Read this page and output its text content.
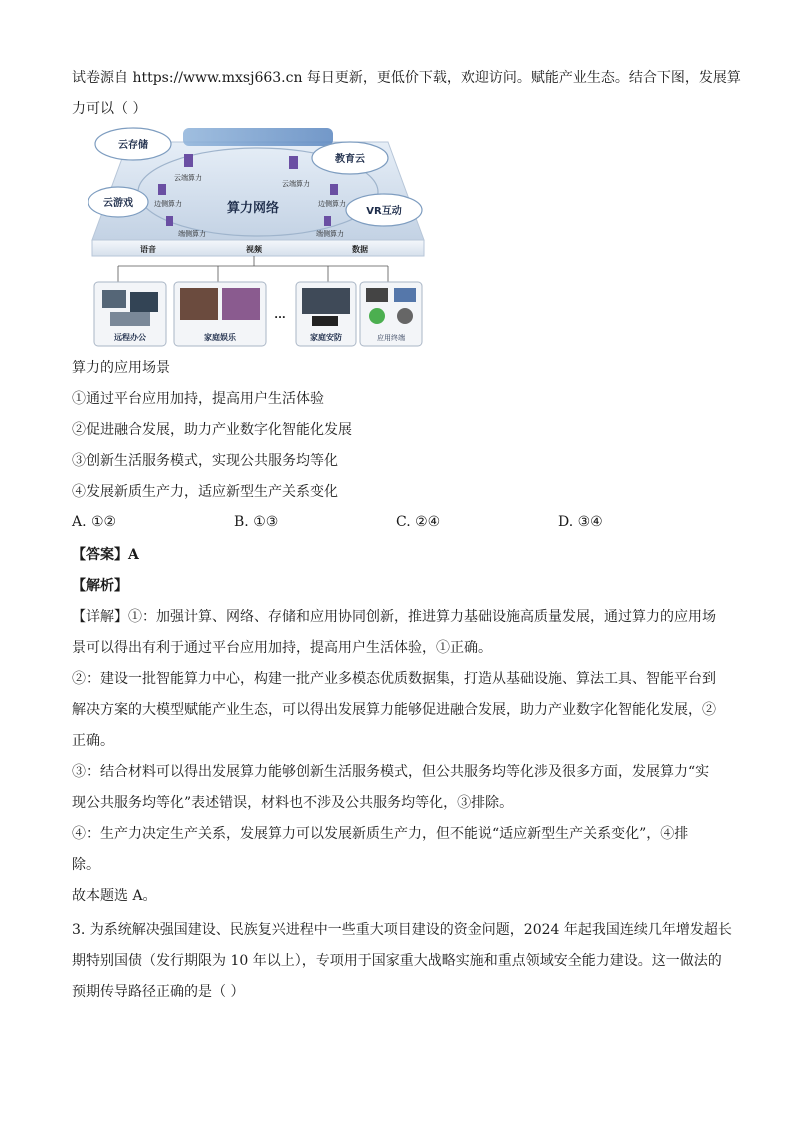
试卷源自 https://www.mxsj663.cn 每日更新，更低价下载，欢迎访问。赋能产业生态。结合下图，发展算
力可以（ ）
云存储
教育云
云游戏
VR互动
云端算力
云端算力
边侧算力	边侧算力
端侧算力	端侧算力
算力网络
语音	视频	数据
远程办公	家庭娱乐
...
家庭安防	应用终端
算力的应用场景
①通过平台应用加持，提高用户生活体验
②促进融合发展，助力产业数字化智能化发展
③创新生活服务模式，实现公共服务均等化
④发展新质生产力，适应新型生产关系变化
A. ①②	B. ①③	C. ②④	D. ③④
【答案】A
【解析】
【详解】①：加强计算、网络、存储和应用协同创新，推进算力基础设施高质量发展，通过算力的应用场
景可以得出有利于通过平台应用加持，提高用户生活体验，①正确。
②：建设一批智能算力中心，构建一批产业多模态优质数据集，打造从基础设施、算法工具、智能平台到
解决方案的大模型赋能产业生态，可以得出发展算力能够促进融合发展，助力产业数字化智能化发展，②
正确。
③：结合材料可以得出发展算力能够创新生活服务模式，但公共服务均等化涉及很多方面，发展算力“实
现公共服务均等化”表述错误，材料也不涉及公共服务均等化，③排除。
④：生产力决定生产关系，发展算力可以发展新质生产力，但不能说“适应新型生产关系变化”，④排
除。
故本题选 A。
3. 为系统解决强国建设、民族复兴进程中一些重大项目建设的资金问题，2024 年起我国连续几年增发超长
期特别国债（发行期限为 10 年以上），专项用于国家重大战略实施和重点领域安全能力建设。这一做法的
预期传导路径正确的是（ ）
